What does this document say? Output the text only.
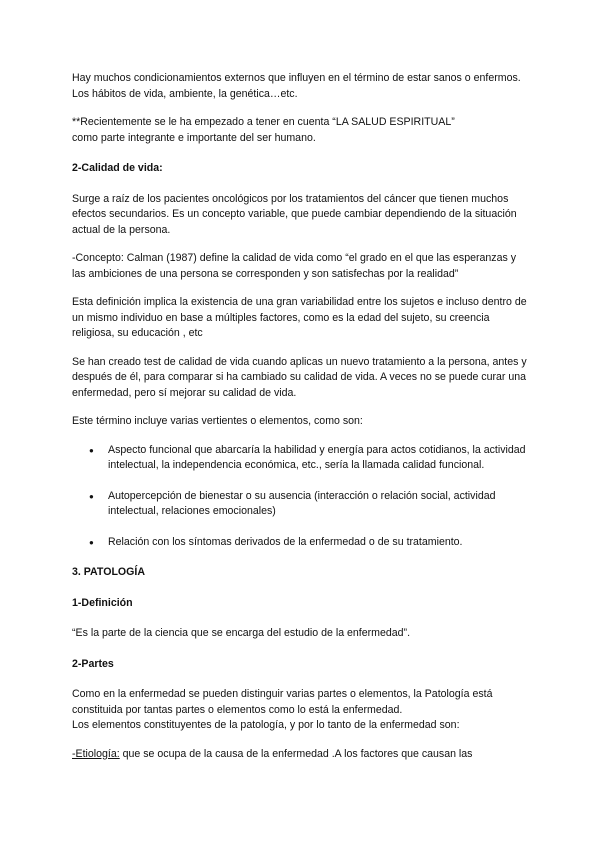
Hay muchos condicionamientos externos que influyen en el término de estar sanos o enfermos. Los hábitos de vida, ambiente, la genética…etc.

**Recientemente se le ha empezado a tener en cuenta “LA SALUD ESPIRITUAL”
como parte integrante e importante del ser humano.

2-Calidad de vida:

Surge a raíz de los pacientes oncológicos por los tratamientos del cáncer que tienen muchos efectos secundarios. Es un concepto variable, que puede cambiar dependiendo de la situación actual de la persona.

-Concepto: Calman (1987) define la calidad de vida como “el grado en el que las esperanzas y las ambiciones de una persona se corresponden y son satisfechas por la realidad”

Esta definición implica la existencia de una gran variabilidad entre los sujetos e incluso dentro de un mismo individuo en base a múltiples factores, como es la edad del sujeto, su creencia religiosa, su educación , etc

Se han creado test de calidad de vida cuando aplicas un nuevo tratamiento a la persona, antes y después de él, para comparar si ha cambiado su calidad de vida. A veces no se puede curar una enfermedad, pero sí mejorar su calidad de vida.

Este término incluye varias vertientes o elementos, como son:

● Aspecto funcional que abarcaría la habilidad y energía para actos cotidianos, la actividad intelectual, la independencia económica, etc., sería la llamada calidad funcional.
● Autopercepción de bienestar o su ausencia (interacción o relación social, actividad intelectual, relaciones emocionales)
● Relación con los síntomas derivados de la enfermedad o de su tratamiento.

3. PATOLOGÍA

1-Definición

“Es la parte de la ciencia que se encarga del estudio de la enfermedad”.

2-Partes

Como en la enfermedad se pueden distinguir varias partes o elementos, la Patología está constituida por tantas partes o elementos como lo está la enfermedad.
Los elementos constituyentes de la patología, y por lo tanto de la enfermedad son:

-Etiología: que se ocupa de la causa de la enfermedad .A los factores que causan las
